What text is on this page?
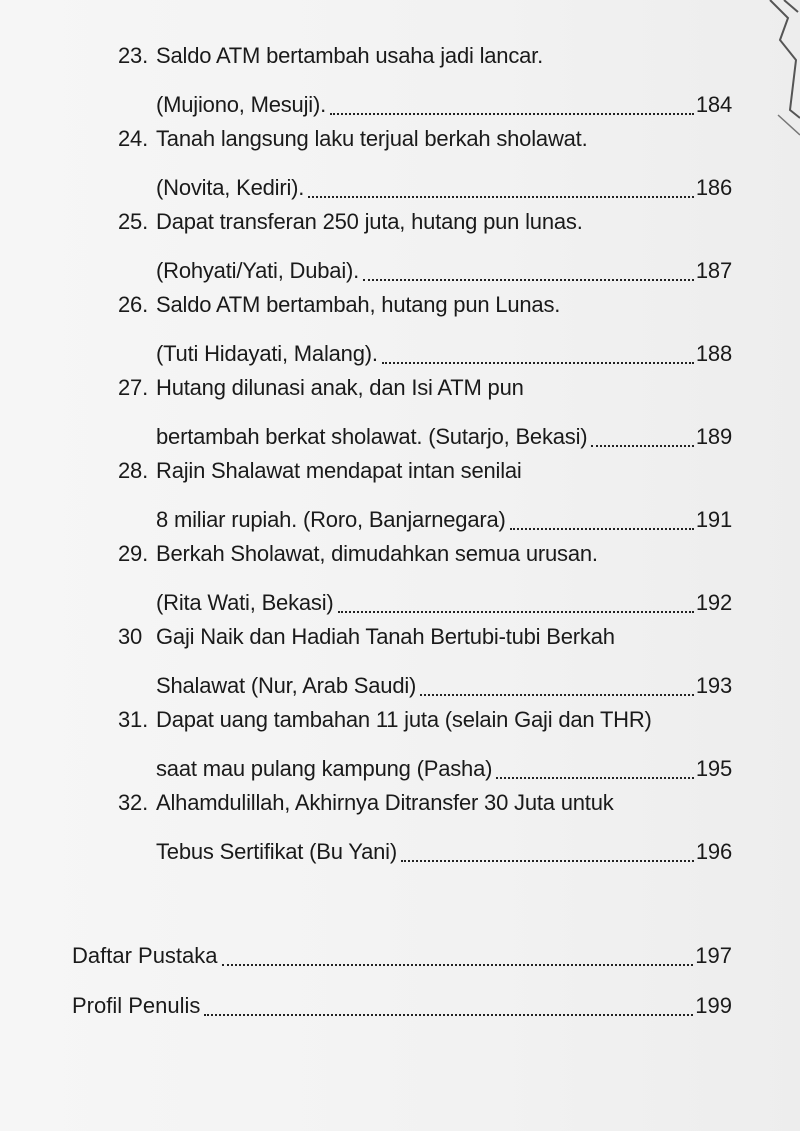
23. Saldo ATM bertambah usaha jadi lancar.
(Mujiono, Mesuji).	184
24. Tanah langsung laku terjual berkah sholawat.
(Novita, Kediri).	186
25. Dapat transferan 250 juta, hutang pun lunas.
(Rohyati/Yati, Dubai).	187
26. Saldo ATM bertambah, hutang pun Lunas.
(Tuti Hidayati, Malang).	188
27. Hutang dilunasi anak, dan Isi ATM pun
bertambah berkat sholawat. (Sutarjo, Bekasi)	189
28. Rajin Shalawat mendapat intan senilai
8 miliar rupiah. (Roro, Banjarnegara)	191
29. Berkah Sholawat, dimudahkan semua urusan.
(Rita Wati, Bekasi)	192
30 Gaji Naik dan Hadiah Tanah Bertubi-tubi Berkah
Shalawat (Nur, Arab Saudi)	193
31. Dapat uang tambahan 11 juta (selain Gaji dan THR)
saat mau pulang kampung (Pasha)	195
32. Alhamdulillah, Akhirnya Ditransfer 30 Juta untuk
Tebus Sertifikat (Bu Yani)	196
Daftar Pustaka	197
Profil Penulis	199
